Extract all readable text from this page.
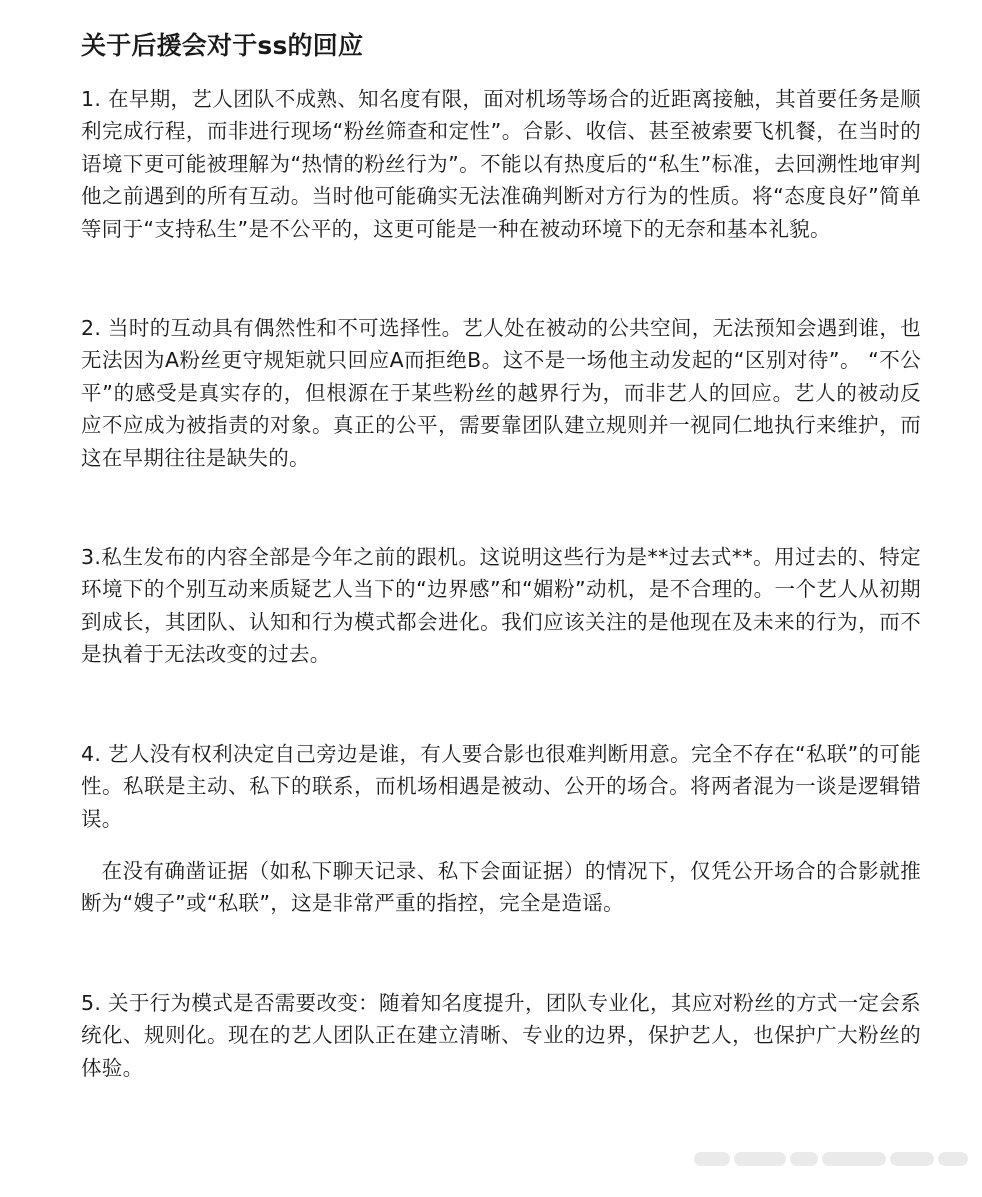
关于后援会对于ss的回应

1. 在早期，艺人团队不成熟、知名度有限，面对机场等场合的近距离接触，其首要任务是顺利完成行程，而非进行现场“粉丝筛查和定性”。合影、收信、甚至被索要飞机餐，在当时的语境下更可能被理解为“热情的粉丝行为”。不能以有热度后的“私生”标准，去回溯性地审判他之前遇到的所有互动。当时他可能确实无法准确判断对方行为的性质。将“态度良好”简单等同于“支持私生”是不公平的，这更可能是一种在被动环境下的无奈和基本礼貌。

2. 当时的互动具有偶然性和不可选择性。艺人处在被动的公共空间，无法预知会遇到谁，也无法因为A粉丝更守规矩就只回应A而拒绝B。这不是一场他主动发起的“区别对待”。 “不公平”的感受是真实存的，但根源在于某些粉丝的越界行为，而非艺人的回应。艺人的被动反应不应成为被指责的对象。真正的公平，需要靠团队建立规则并一视同仁地执行来维护，而这在早期往往是缺失的。

3.私生发布的内容全部是今年之前的跟机。这说明这些行为是**过去式**。用过去的、特定环境下的个别互动来质疑艺人当下的“边界感”和“媚粉”动机，是不合理的。一个艺人从初期到成长，其团队、认知和行为模式都会进化。我们应该关注的是他现在及未来的行为，而不是执着于无法改变的过去。

4. 艺人没有权利决定自己旁边是谁，有人要合影也很难判断用意。完全不存在“私联”的可能性。私联是主动、私下的联系，而机场相遇是被动、公开的场合。将两者混为一谈是逻辑错误。

在没有确凿证据（如私下聊天记录、私下会面证据）的情况下，仅凭公开场合的合影就推断为“嫂子”或“私联”，这是非常严重的指控，完全是造谣。

5. 关于行为模式是否需要改变：随着知名度提升，团队专业化，其应对粉丝的方式一定会系统化、规则化。现在的艺人团队正在建立清晰、专业的边界，保护艺人，也保护广大粉丝的体验。
